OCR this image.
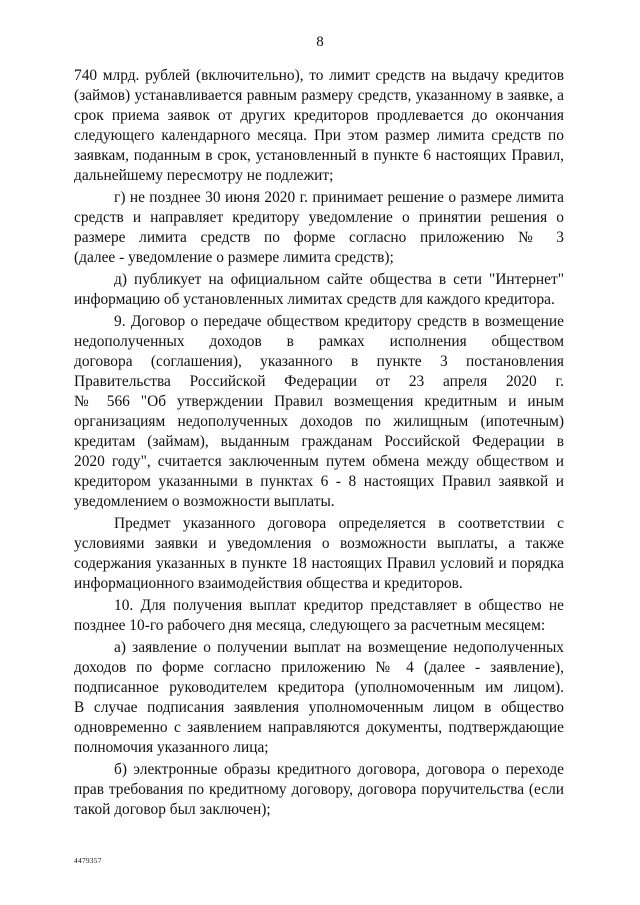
8
740 млрд. рублей (включительно), то лимит средств на выдачу кредитов
(займов) устанавливается равным размеру средств, указанному в заявке, а
срок приема заявок от других кредиторов продлевается до окончания
следующего календарного месяца. При этом размер лимита средств по
заявкам, поданным в срок, установленный в пункте 6 настоящих Правил,
дальнейшему пересмотру не подлежит;
г) не позднее 30 июня 2020 г. принимает решение о размере лимита
средств и направляет кредитору уведомление о принятии решения о
размере лимита средств по форме согласно приложению № 3
(далее - уведомление о размере лимита средств);
д) публикует на официальном сайте общества в сети "Интернет"
информацию об установленных лимитах средств для каждого кредитора.
9. Договор о передаче обществом кредитору средств в возмещение
недополученных доходов в рамках исполнения обществом
договора (соглашения), указанного в пункте 3 постановления
Правительства Российской Федерации от 23 апреля 2020 г.
№ 566 "Об утверждении Правил возмещения кредитным и иным
организациям недополученных доходов по жилищным (ипотечным)
кредитам (займам), выданным гражданам Российской Федерации в
2020 году", считается заключенным путем обмена между обществом и
кредитором указанными в пунктах 6 - 8 настоящих Правил заявкой и
уведомлением о возможности выплаты.
Предмет указанного договора определяется в соответствии с
условиями заявки и уведомления о возможности выплаты, а также
содержания указанных в пункте 18 настоящих Правил условий и порядка
информационного взаимодействия общества и кредиторов.
10. Для получения выплат кредитор представляет в общество не
позднее 10-го рабочего дня месяца, следующего за расчетным месяцем:
а) заявление о получении выплат на возмещение недополученных
доходов по форме согласно приложению № 4 (далее - заявление),
подписанное руководителем кредитора (уполномоченным им лицом).
В случае подписания заявления уполномоченным лицом в общество
одновременно с заявлением направляются документы, подтверждающие
полномочия указанного лица;
б) электронные образы кредитного договора, договора о переходе
прав требования по кредитному договору, договора поручительства (если
такой договор был заключен);
4479357
